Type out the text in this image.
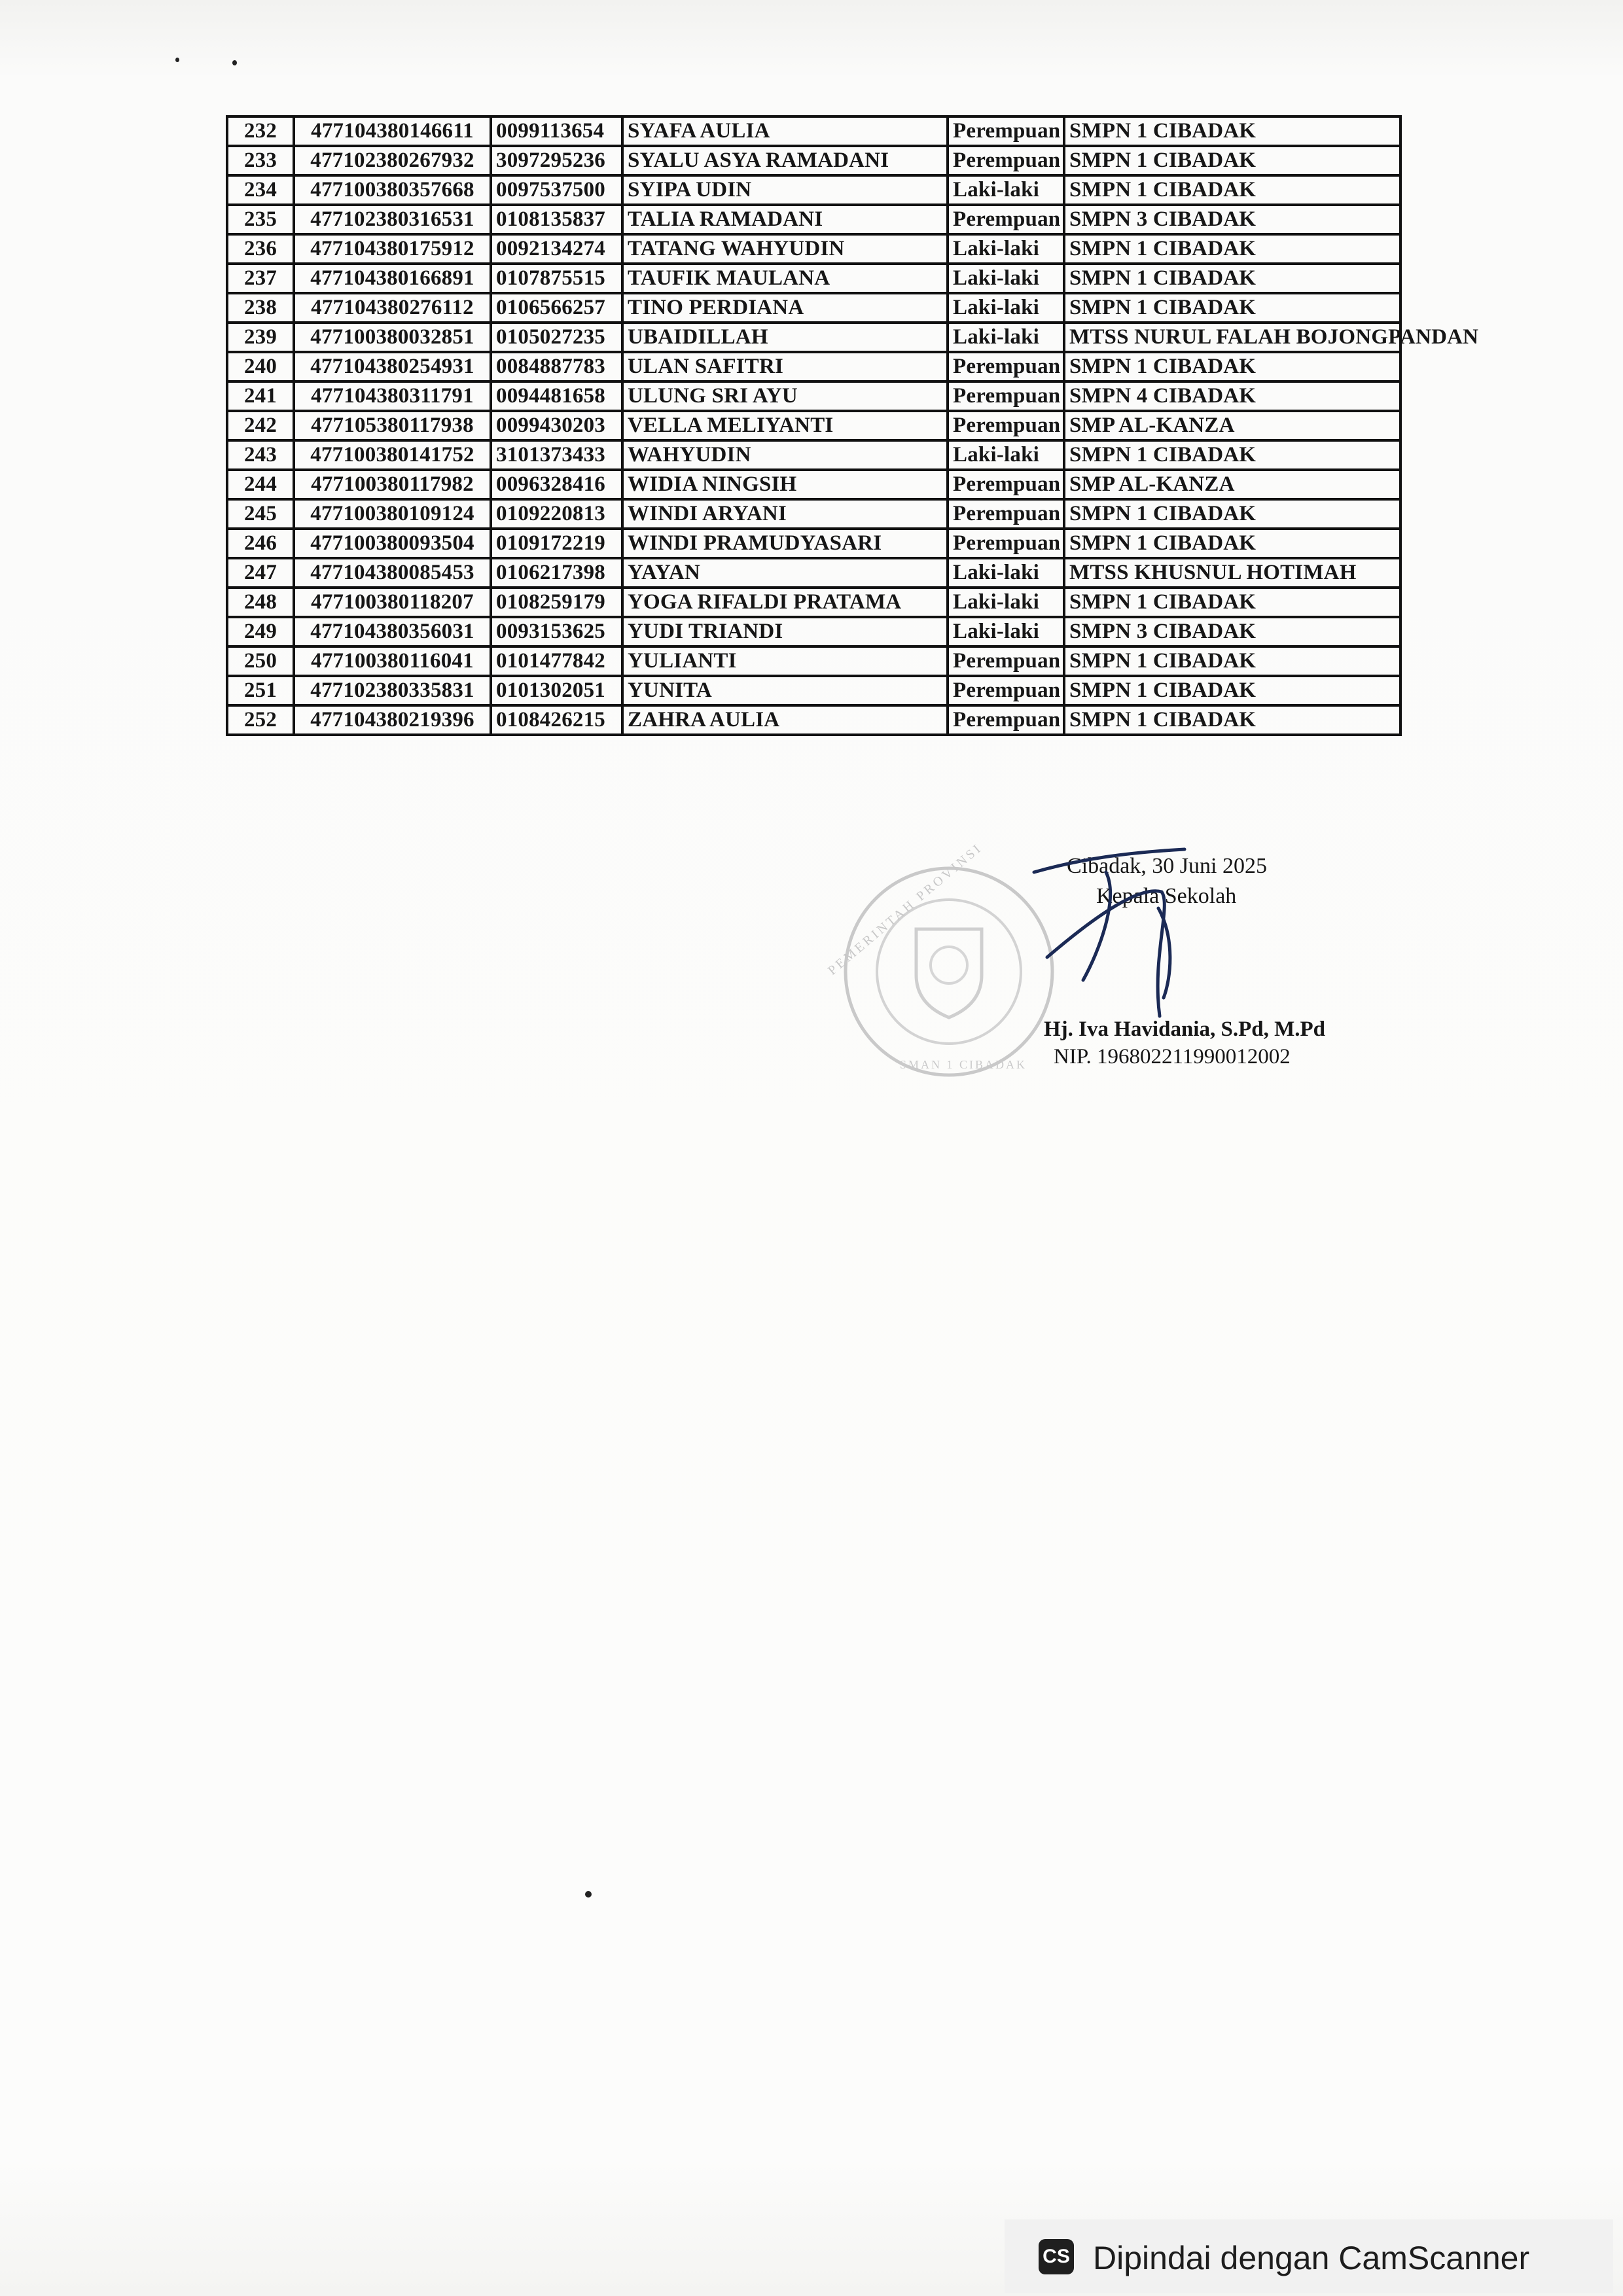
232	477104380146611	0099113654	SYAFA AULIA	Perempuan	SMPN 1 CIBADAK
233	477102380267932	3097295236	SYALU ASYA RAMADANI	Perempuan	SMPN 1 CIBADAK
234	477100380357668	0097537500	SYIPA UDIN	Laki-laki	SMPN 1 CIBADAK
235	477102380316531	0108135837	TALIA RAMADANI	Perempuan	SMPN 3 CIBADAK
236	477104380175912	0092134274	TATANG WAHYUDIN	Laki-laki	SMPN 1 CIBADAK
237	477104380166891	0107875515	TAUFIK MAULANA	Laki-laki	SMPN 1 CIBADAK
238	477104380276112	0106566257	TINO PERDIANA	Laki-laki	SMPN 1 CIBADAK
239	477100380032851	0105027235	UBAIDILLAH	Laki-laki	MTSS NURUL FALAH BOJONGPANDAN
240	477104380254931	0084887783	ULAN SAFITRI	Perempuan	SMPN 1 CIBADAK
241	477104380311791	0094481658	ULUNG SRI AYU	Perempuan	SMPN 4 CIBADAK
242	477105380117938	0099430203	VELLA MELIYANTI	Perempuan	SMP AL-KANZA
243	477100380141752	3101373433	WAHYUDIN	Laki-laki	SMPN 1 CIBADAK
244	477100380117982	0096328416	WIDIA NINGSIH	Perempuan	SMP AL-KANZA
245	477100380109124	0109220813	WINDI ARYANI	Perempuan	SMPN 1 CIBADAK
246	477100380093504	0109172219	WINDI PRAMUDYASARI	Perempuan	SMPN 1 CIBADAK
247	477104380085453	0106217398	YAYAN	Laki-laki	MTSS KHUSNUL HOTIMAH
248	477100380118207	0108259179	YOGA RIFALDI PRATAMA	Laki-laki	SMPN 1 CIBADAK
249	477104380356031	0093153625	YUDI TRIANDI	Laki-laki	SMPN 3 CIBADAK
250	477100380116041	0101477842	YULIANTI	Perempuan	SMPN 1 CIBADAK
251	477102380335831	0101302051	YUNITA	Perempuan	SMPN 1 CIBADAK
252	477104380219396	0108426215	ZAHRA AULIA	Perempuan	SMPN 1 CIBADAK
PEMERINTAH PROVINSI
SMAN 1 CIBADAK
Cibadak, 30 Juni 2025
Kepala Sekolah
Hj. Iva Havidania, S.Pd, M.Pd
NIP. 196802211990012002
CS Dipindai dengan CamScanner
